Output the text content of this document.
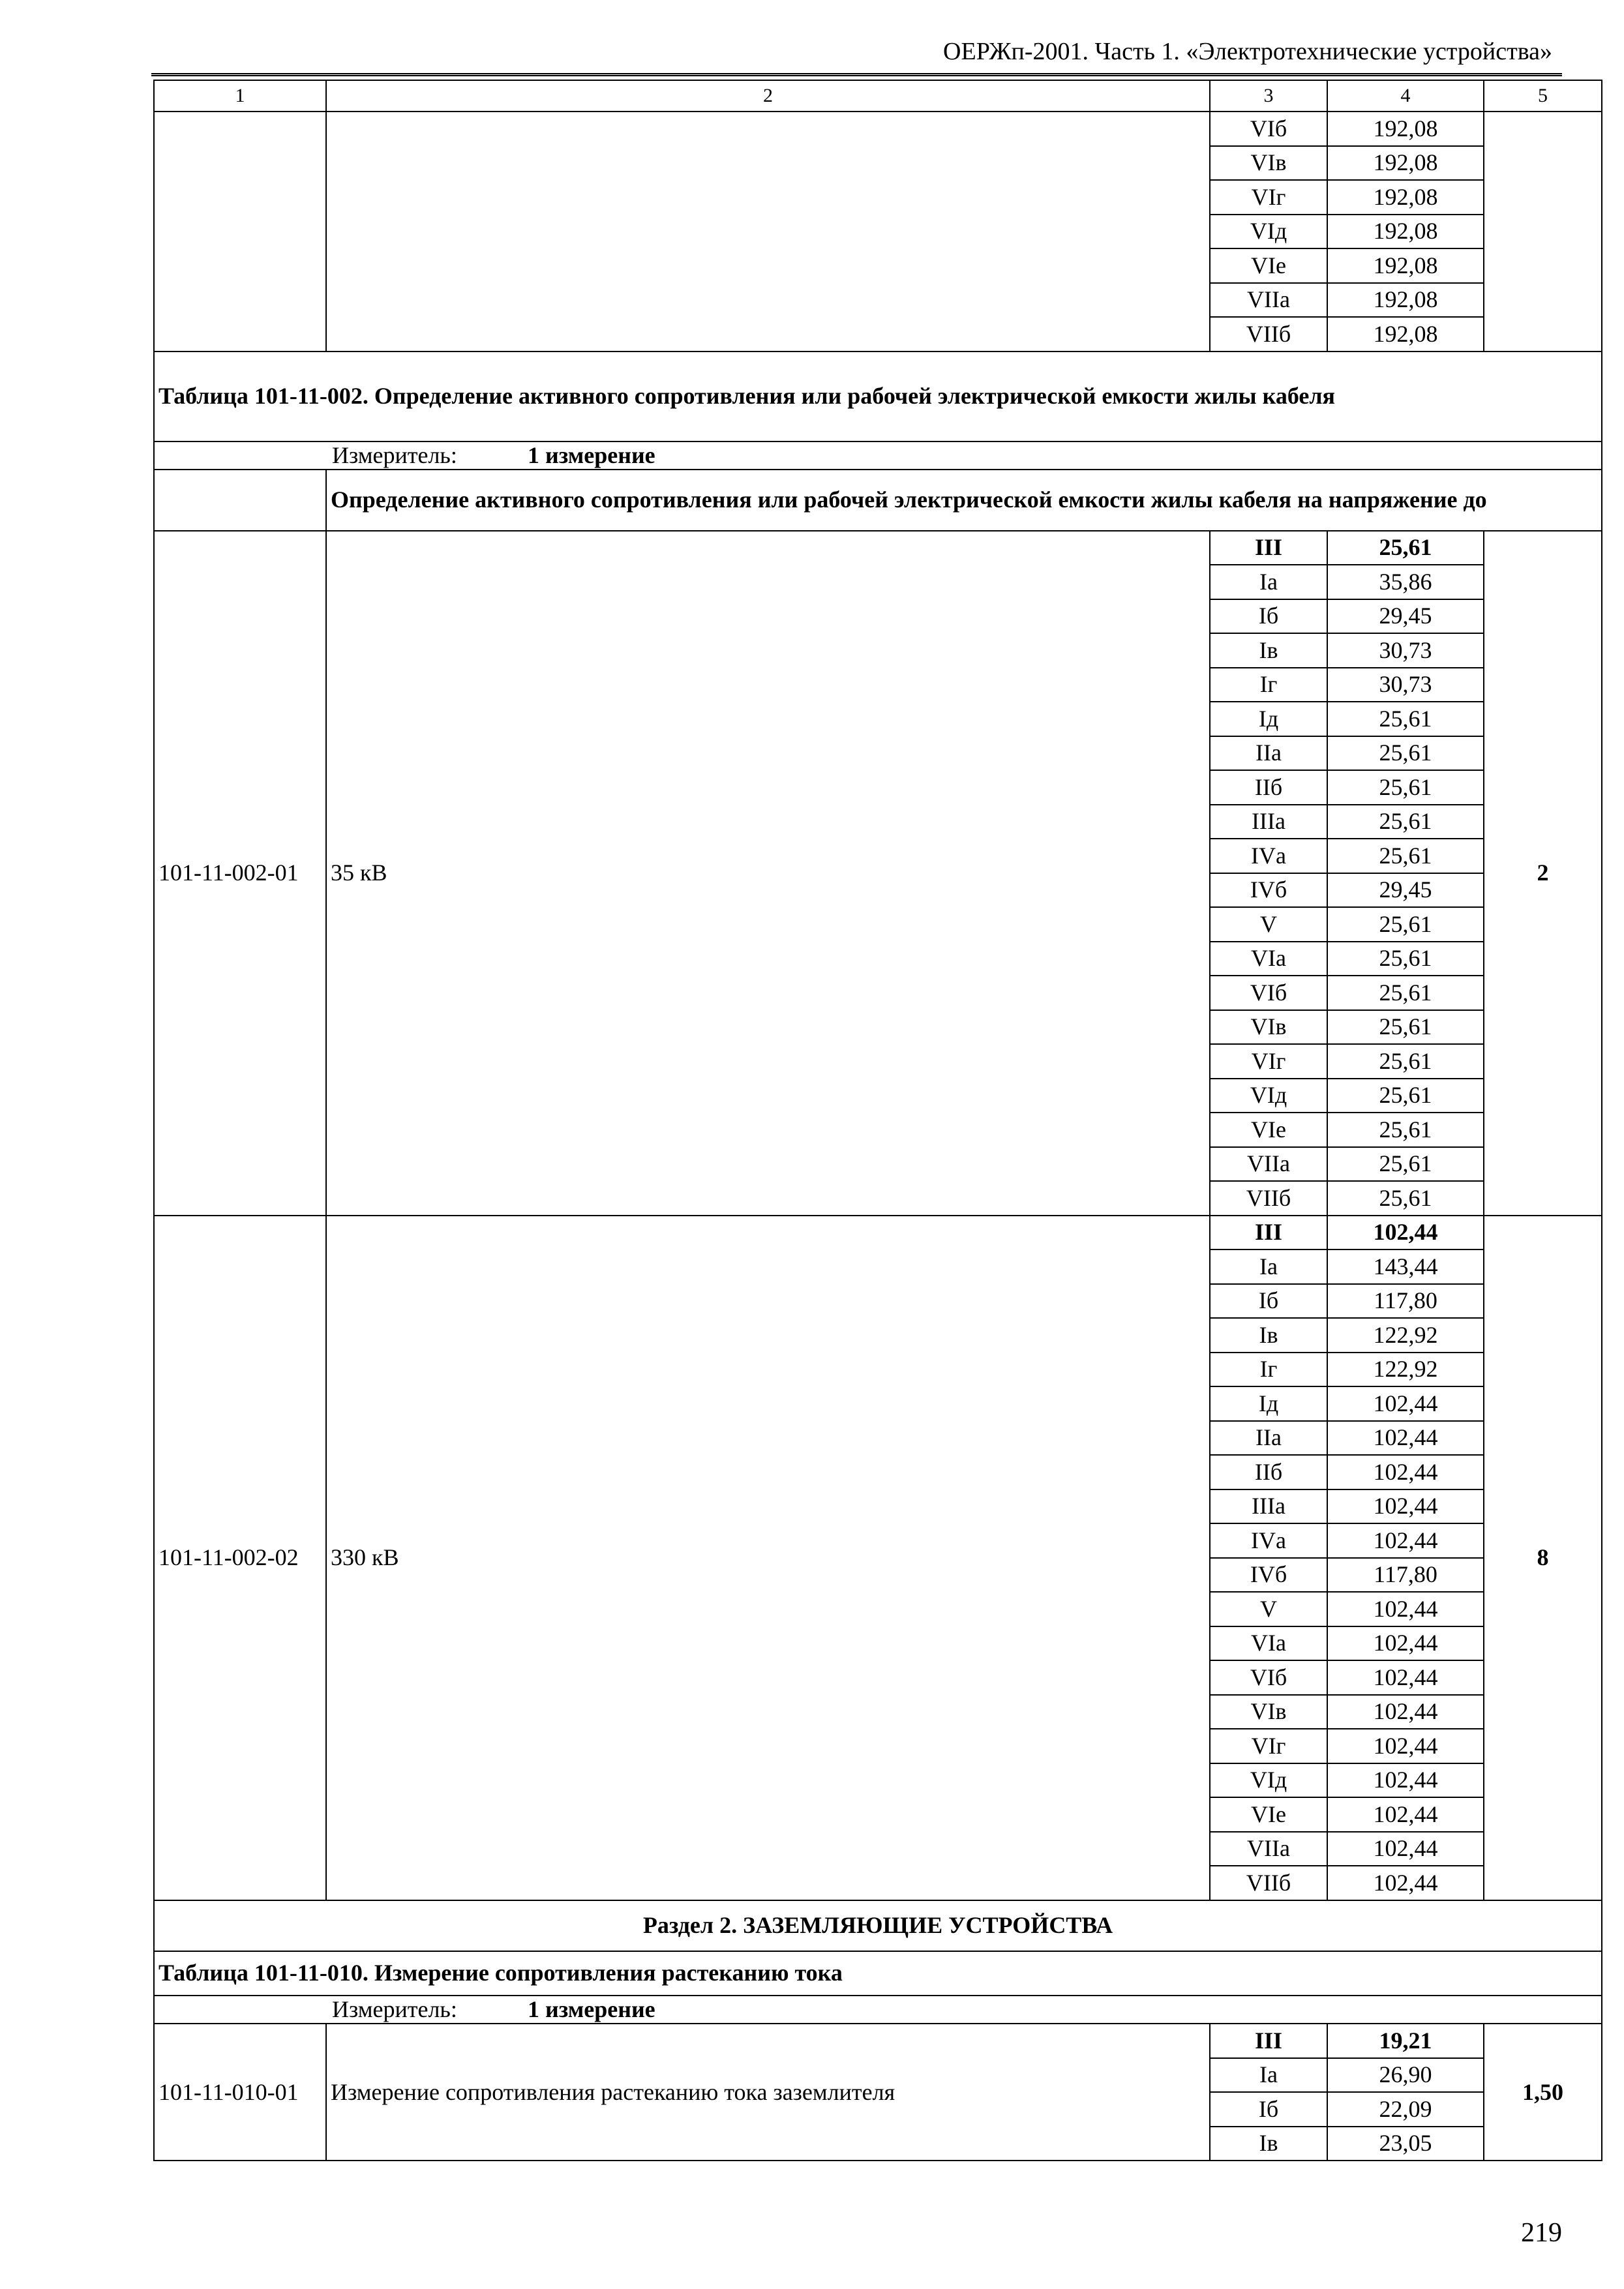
ОЕРЖп-2001. Часть 1. «Электротехнические устройства»
1	2	3	4	5
		VIб	192,08	
		VIв	192,08	
		VIг	192,08	
		VIд	192,08	
		VIе	192,08	
		VIIа	192,08	
		VIIб	192,08	
Таблица 101-11-002. Определение активного сопротивления или рабочей электрической емкости жилы кабеля				
Измеритель: 1 измерение				
	Определение активного сопротивления или рабочей электрической емкости жилы кабеля на напряжение до			
101-11-002-01	35 кВ	III	25,61	2
		Iа	35,86	
		Iб	29,45	
		Iв	30,73	
		Iг	30,73	
		Iд	25,61	
		IIа	25,61	
		IIб	25,61	
		IIIа	25,61	
		IVа	25,61	
		IVб	29,45	
		V	25,61	
		VIа	25,61	
		VIб	25,61	
		VIв	25,61	
		VIг	25,61	
		VIд	25,61	
		VIе	25,61	
		VIIа	25,61	
		VIIб	25,61	
101-11-002-02	330 кВ	III	102,44	8
		Iа	143,44	
		Iб	117,80	
		Iв	122,92	
		Iг	122,92	
		Iд	102,44	
		IIа	102,44	
		IIб	102,44	
		IIIа	102,44	
		IVа	102,44	
		IVб	117,80	
		V	102,44	
		VIа	102,44	
		VIб	102,44	
		VIв	102,44	
		VIг	102,44	
		VIд	102,44	
		VIе	102,44	
		VIIа	102,44	
		VIIб	102,44	
Раздел 2. ЗАЗЕМЛЯЮЩИЕ УСТРОЙСТВА				
Таблица 101-11-010. Измерение сопротивления растеканию тока				
Измеритель: 1 измерение				
101-11-010-01	Измерение сопротивления растеканию тока заземлителя	III	19,21	1,50
		Iа	26,90	
		Iб	22,09	
		Iв	23,05	
219
